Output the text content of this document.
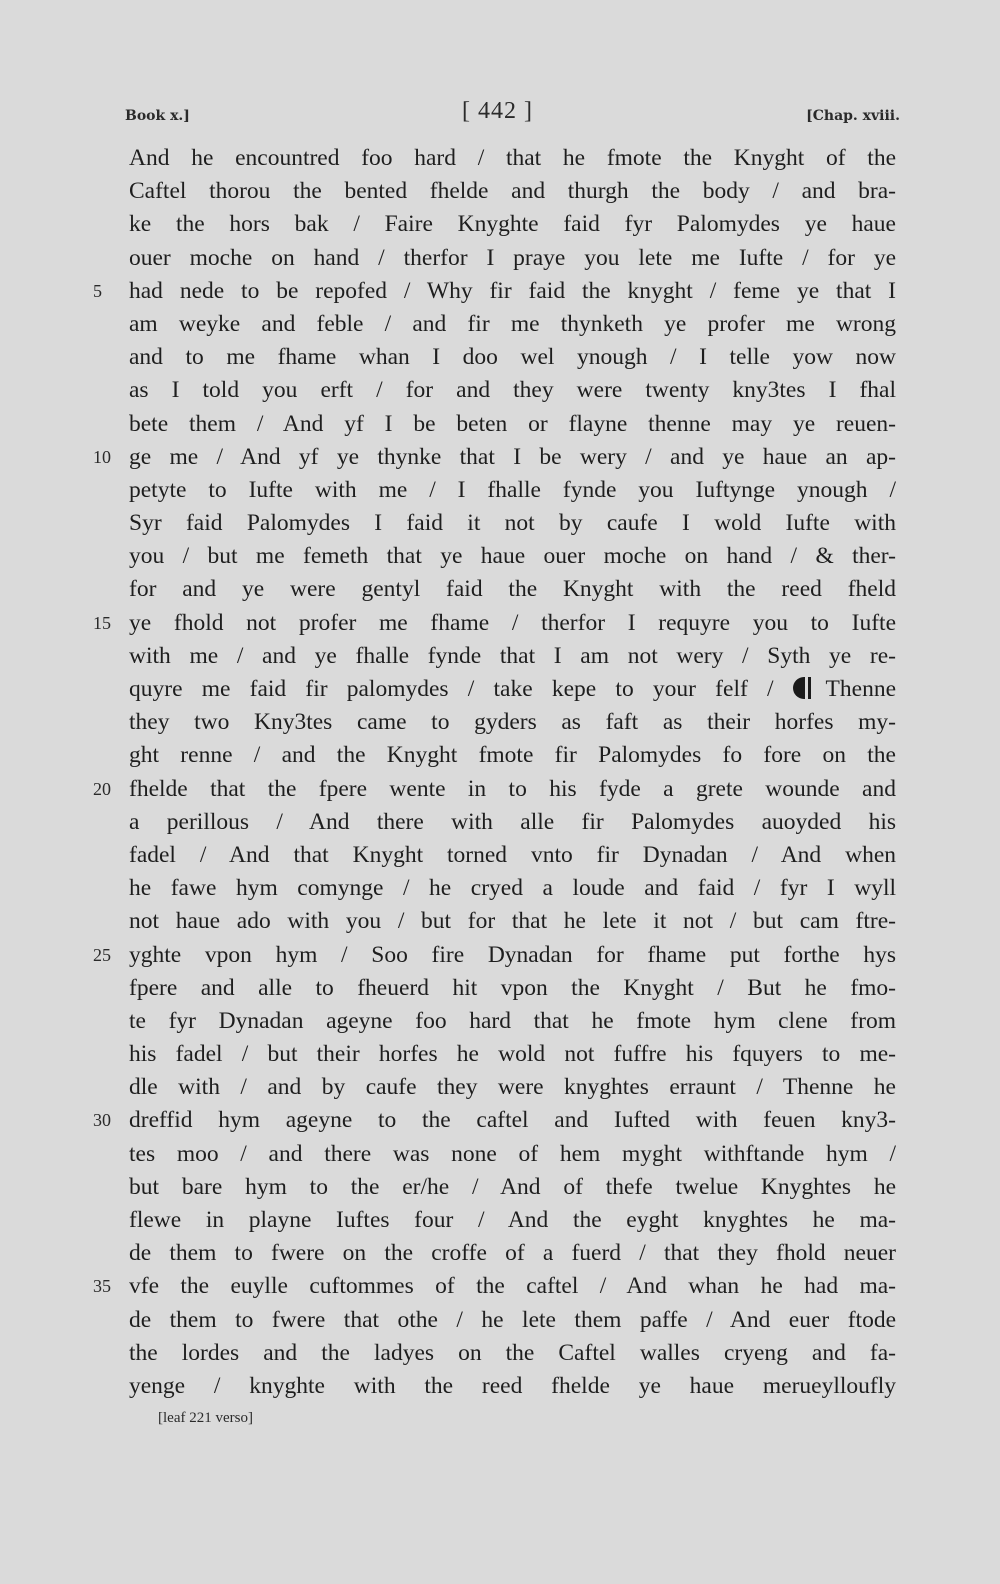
Book x.]	[ 442 ]	[Chap. xviii.
And he encountred foo hard / that he fmote the Knyght of the
Caftel thorou the bented fhelde and thurgh the body / and bra-
ke the hors bak / Faire Knyghte faid fyr Palomydes ye haue
ouer moche on hand / therfor I praye you lete me Iufte / for ye
5	had nede to be repofed / Why fir faid the knyght / feme ye that I
am weyke and feble / and fir me thynketh ye profer me wrong
and to me fhame whan I doo wel ynough / I telle yow now
as I told you erft / for and they were twenty kny3tes I fhal
bete them / And yf I be beten or flayne thenne may ye reuen-
10 ge me / And yf ye thynke that I be wery / and ye haue an ap-
petyte to Iufte with me / I fhalle fynde you Iuftynge ynough /
Syr faid Palomydes I faid it not by caufe I wold Iufte with
you / but me femeth that ye haue ouer moche on hand / & ther-
for and ye were gentyl faid the Knyght with the reed fheld
15 ye fhold not profer me fhame / therfor I requyre you to Iufte
with me / and ye fhalle fynde that I am not wery / Syth ye re-
quyre me faid fir palomydes / take kepe to your felf / Thenne
they two Kny3tes came to gyders as faft as their horfes my-
ght renne / and the Knyght fmote fir Palomydes fo fore on the
20 fhelde that the fpere wente in to his fyde a grete wounde and
a perillous / And there with alle fir Palomydes auoyded his
fadel / And that Knyght torned vnto fir Dynadan / And when
he fawe hym comynge / he cryed a loude and faid / fyr I wyll
not haue ado with you / but for that he lete it not / but cam ftre-
25 yghte vpon hym / Soo fire Dynadan for fhame put forthe hys
fpere and alle to fheuerd hit vpon the Knyght / But he fmo-
te fyr Dynadan ageyne foo hard that he fmote hym clene from
his fadel / but their horfes he wold not fuffre his fquyers to me-
dle with / and by caufe they were knyghtes erraunt / Thenne he
30 dreffid hym ageyne to the caftel and Iufted with feuen kny3-
tes moo / and there was none of hem myght withftande hym /
but bare hym to the er/he / And of thefe twelue Knyghtes he
flewe in playne Iuftes four / And the eyght knyghtes he ma-
de them to fwere on the croffe of a fuerd / that they fhold neuer
35 vfe the euylle cuftommes of the caftel / And whan he had ma-
de them to fwere that othe / he lete them paffe / And euer ftode
the lordes and the ladyes on the Caftel walles cryeng and fa-
yenge / knyghte with the reed fhelde ye haue merueylloufly
[leaf 221 verso]
